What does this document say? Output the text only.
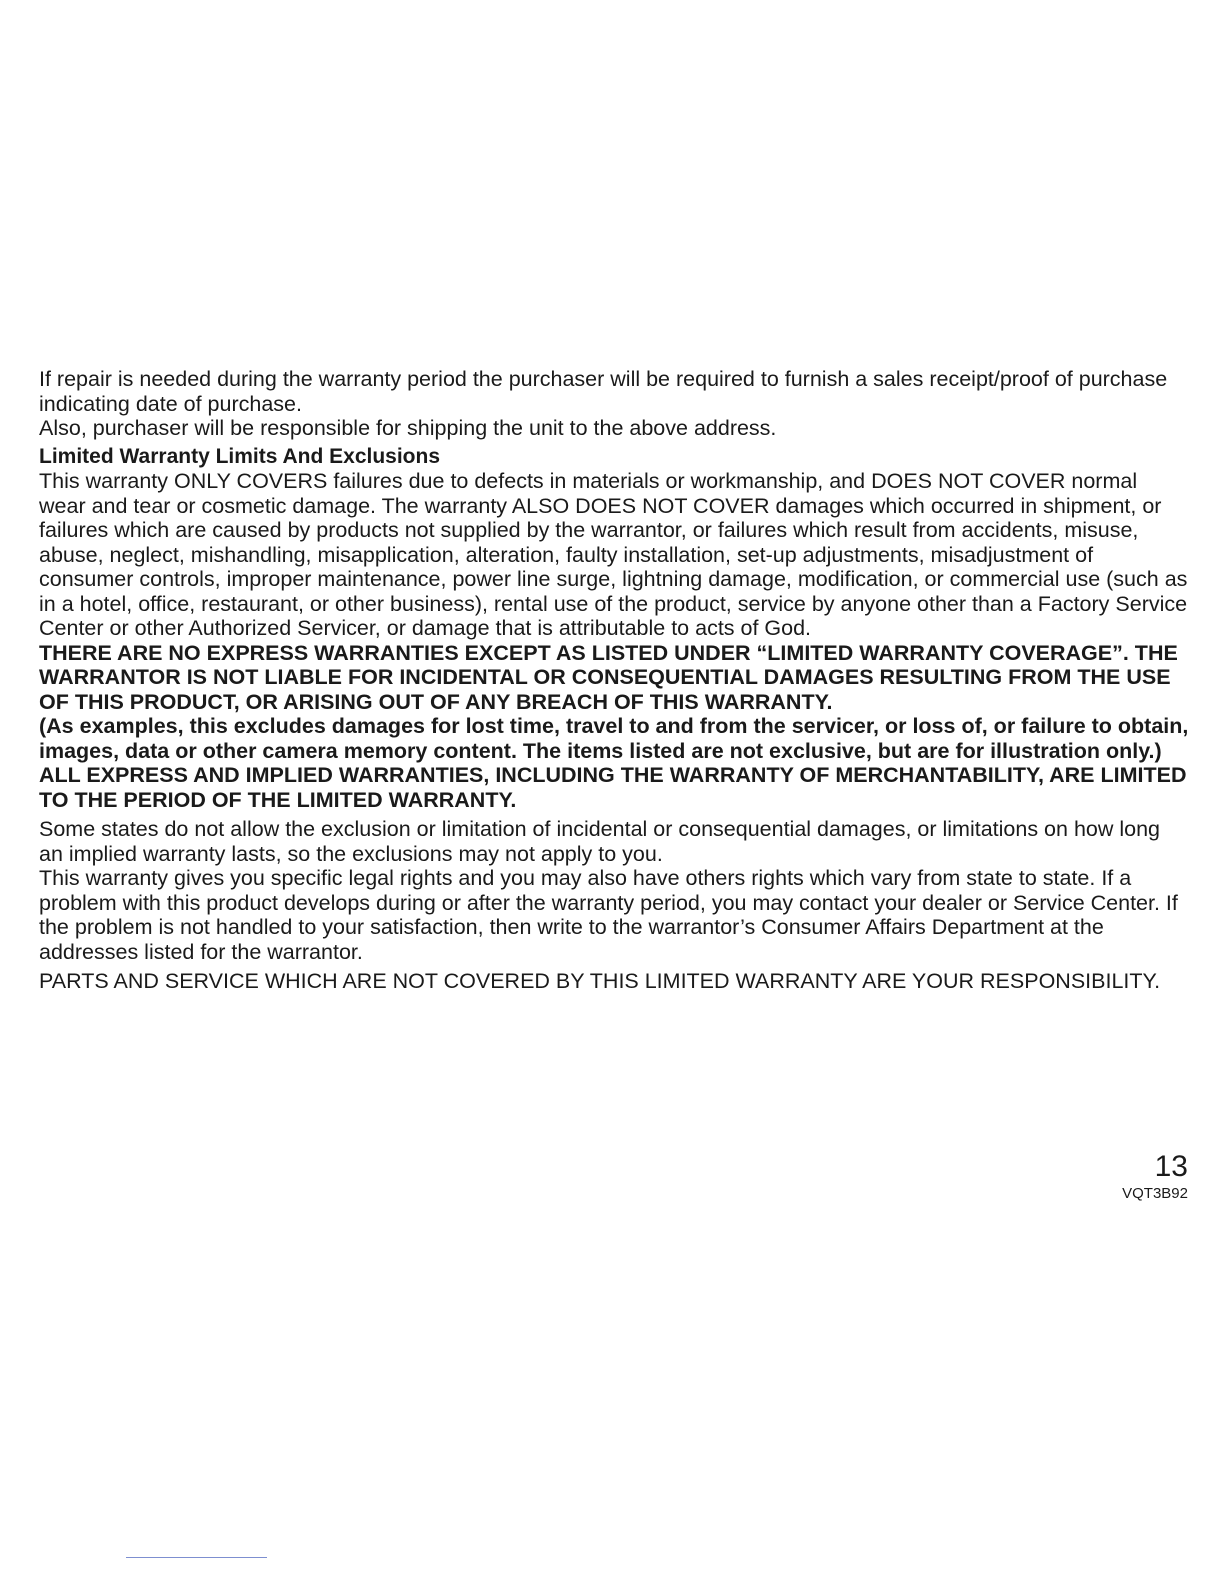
If repair is needed during the warranty period the purchaser will be required to furnish a sales receipt/proof of purchase indicating date of purchase.

Also, purchaser will be responsible for shipping the unit to the above address.

Limited Warranty Limits And Exclusions

This warranty ONLY COVERS failures due to defects in materials or workmanship, and DOES NOT COVER normal wear and tear or cosmetic damage. The warranty ALSO DOES NOT COVER damages which occurred in shipment, or failures which are caused by products not supplied by the warrantor, or failures which result from accidents, misuse, abuse, neglect, mishandling, misapplication, alteration, faulty installation, set-up adjustments, misadjustment of consumer controls, improper maintenance, power line surge, lightning damage, modification, or commercial use (such as in a hotel, office, restaurant, or other business), rental use of the product, service by anyone other than a Factory Service Center or other Authorized Servicer, or damage that is attributable to acts of God.

THERE ARE NO EXPRESS WARRANTIES EXCEPT AS LISTED UNDER “LIMITED WARRANTY COVERAGE”. THE WARRANTOR IS NOT LIABLE FOR INCIDENTAL OR CONSEQUENTIAL DAMAGES RESULTING FROM THE USE OF THIS PRODUCT, OR ARISING OUT OF ANY BREACH OF THIS WARRANTY.

(As examples, this excludes damages for lost time, travel to and from the servicer, or loss of, or failure to obtain, images, data or other camera memory content. The items listed are not exclusive, but are for illustration only.) ALL EXPRESS AND IMPLIED WARRANTIES, INCLUDING THE WARRANTY OF MERCHANTABILITY, ARE LIMITED TO THE PERIOD OF THE LIMITED WARRANTY.

Some states do not allow the exclusion or limitation of incidental or consequential damages, or limitations on how long an implied warranty lasts, so the exclusions may not apply to you.

This warranty gives you specific legal rights and you may also have others rights which vary from state to state. If a problem with this product develops during or after the warranty period, you may contact your dealer or Service Center. If the problem is not handled to your satisfaction, then write to the warrantor’s Consumer Affairs Department at the addresses listed for the warrantor.

PARTS AND SERVICE WHICH ARE NOT COVERED BY THIS LIMITED WARRANTY ARE YOUR RESPONSIBILITY.

13
VQT3B92
